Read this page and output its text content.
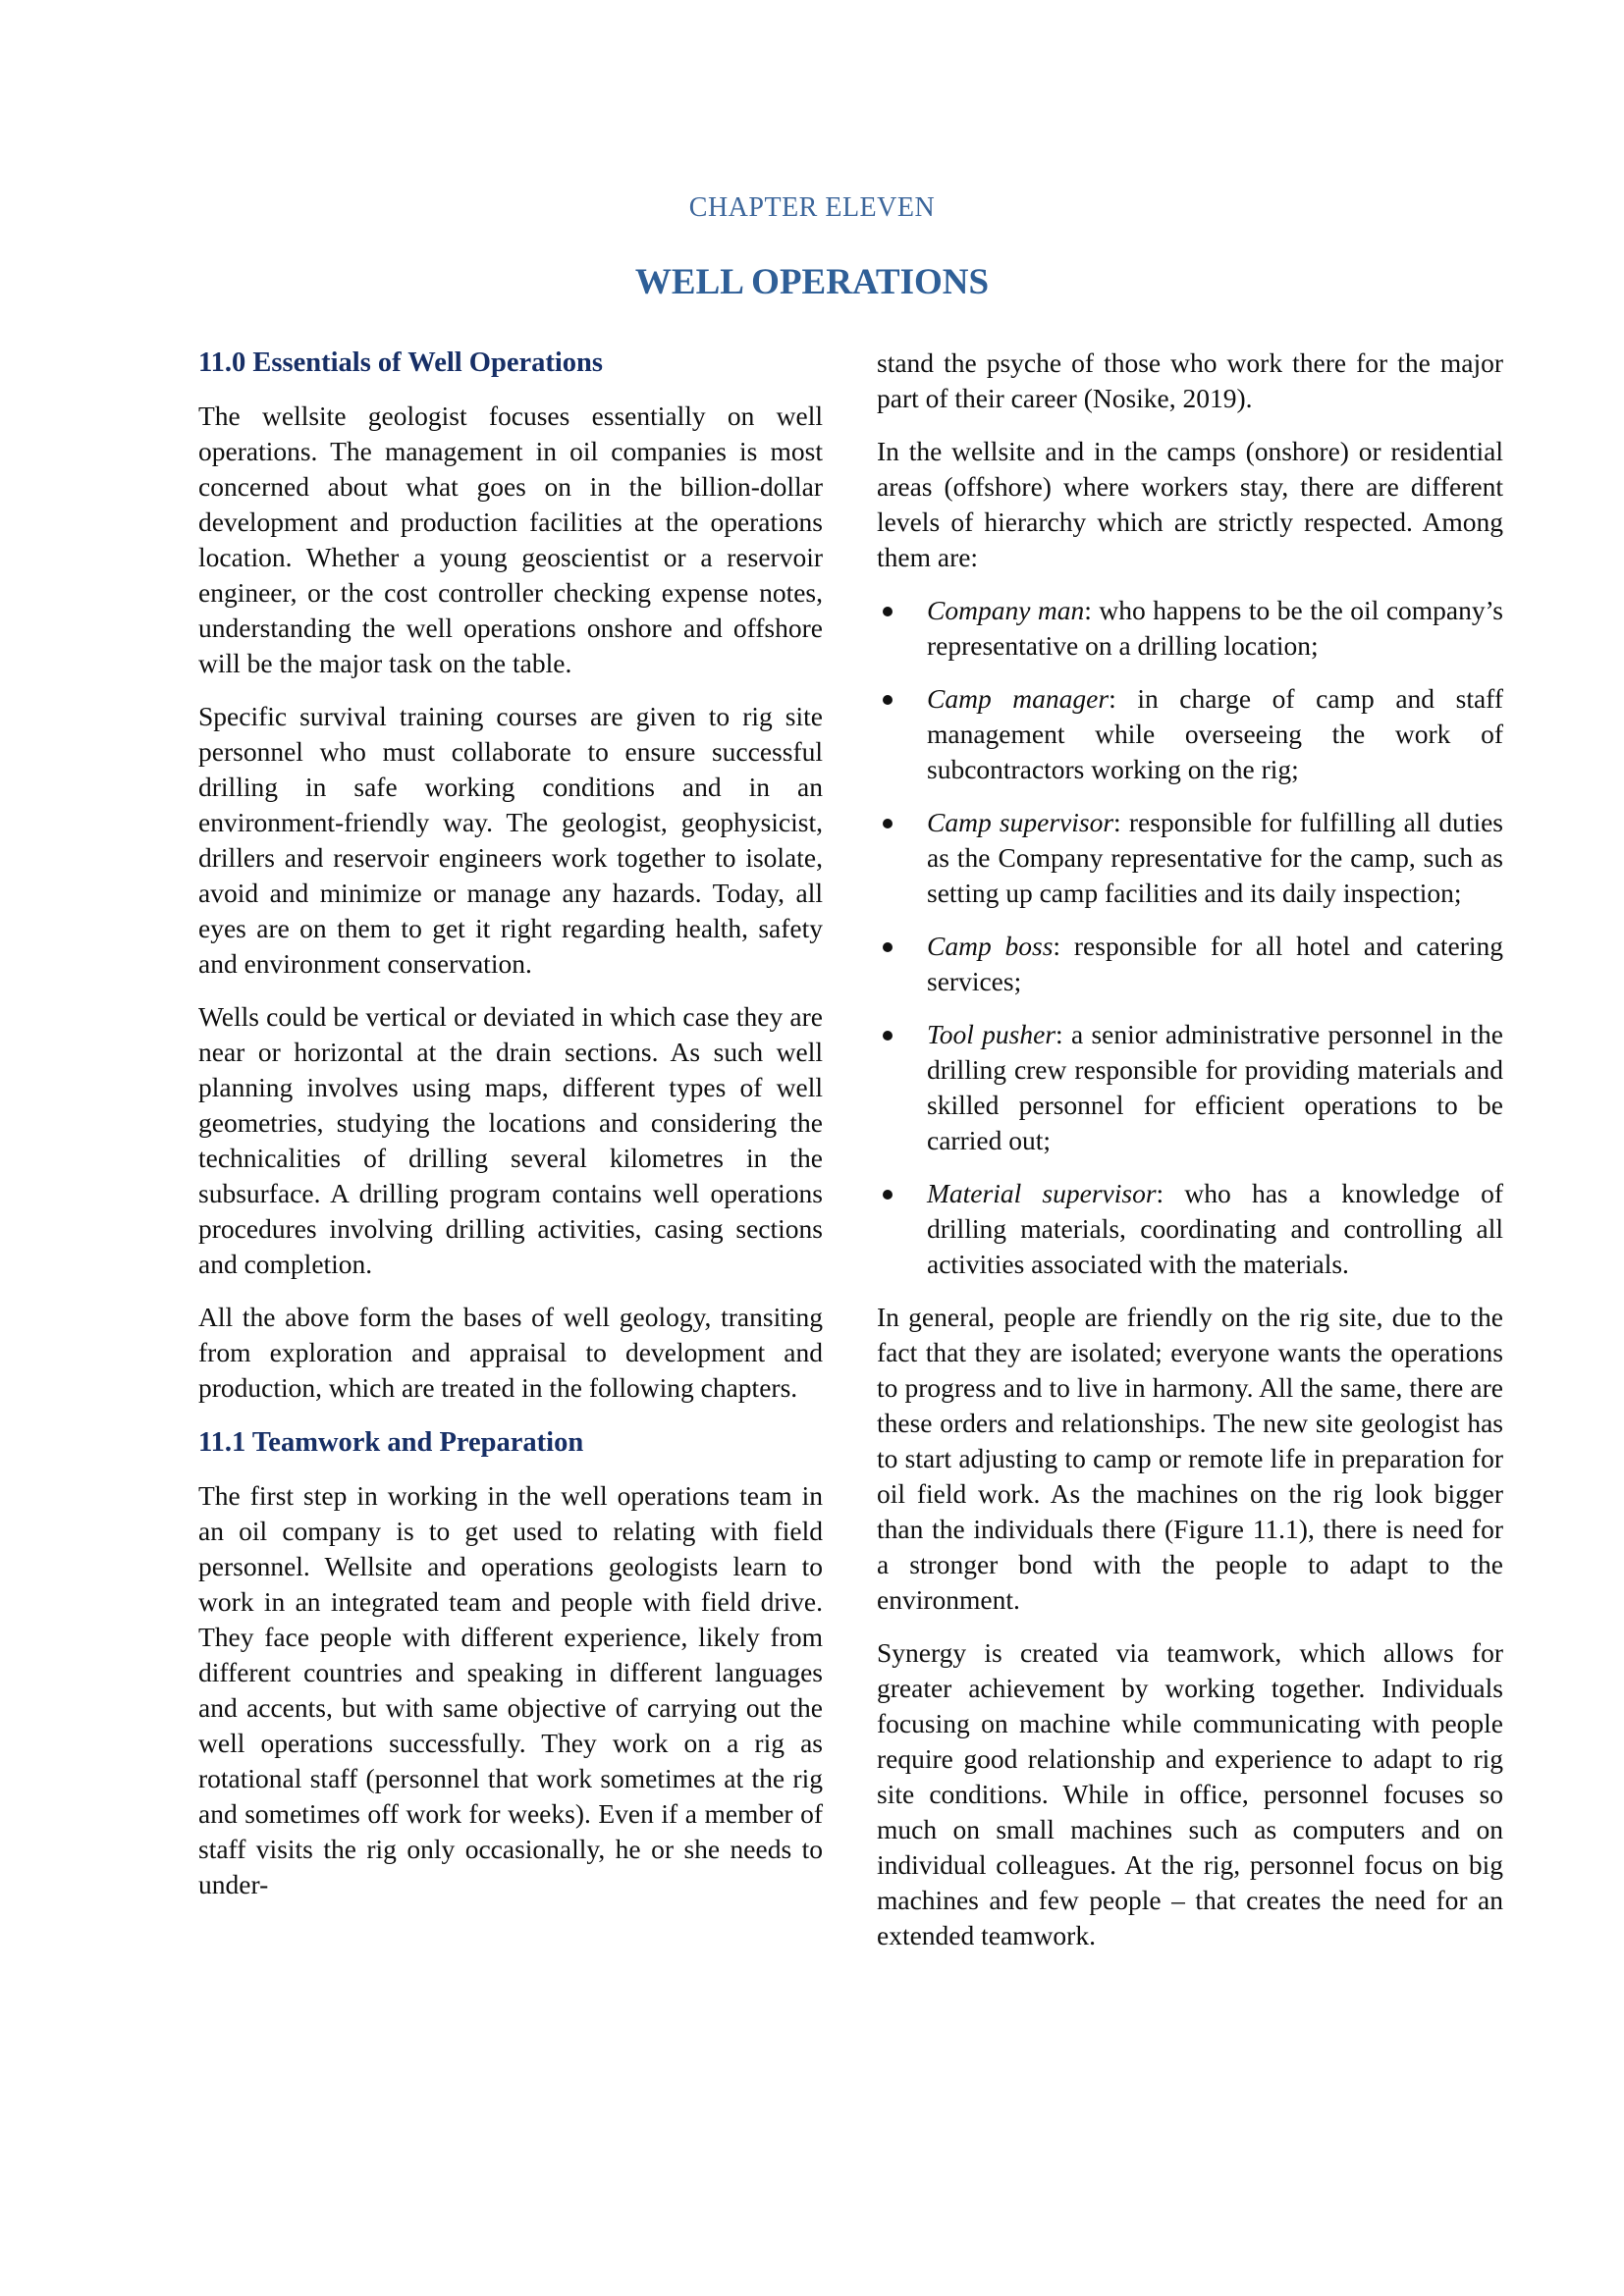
CHAPTER ELEVEN
WELL OPERATIONS
11.0 Essentials of Well Operations

The wellsite geologist focuses essentially on well operations. The management in oil companies is most concerned about what goes on in the billion-dollar development and production facilities at the operations location. Whether a young geoscientist or a reservoir engineer, or the cost controller checking expense notes, understanding the well operations onshore and offshore will be the major task on the table.

Specific survival training courses are given to rig site personnel who must collaborate to ensure successful drilling in safe working conditions and in an environment-friendly way. The geologist, geophysicist, drillers and reservoir engineers work together to isolate, avoid and minimize or manage any hazards. Today, all eyes are on them to get it right regarding health, safety and environment conservation.

Wells could be vertical or deviated in which case they are near or horizontal at the drain sections. As such well planning involves using maps, different types of well geometries, studying the locations and considering the technicalities of drilling several kilometres in the subsurface. A drilling program contains well operations procedures involving drilling activities, casing sections and completion.

All the above form the bases of well geology, transiting from exploration and appraisal to development and production, which are treated in the following chapters.

11.1 Teamwork and Preparation

The first step in working in the well operations team in an oil company is to get used to relating with field personnel. Wellsite and operations geologists learn to work in an integrated team and people with field drive. They face people with different experience, likely from different countries and speaking in different languages and accents, but with same objective of carrying out the well operations successfully. They work on a rig as rotational staff (personnel that work sometimes at the rig and sometimes off work for weeks). Even if a member of staff visits the rig only occasionally, he or she needs to under-

stand the psyche of those who work there for the major part of their career (Nosike, 2019).

In the wellsite and in the camps (onshore) or residential areas (offshore) where workers stay, there are different levels of hierarchy which are strictly respected. Among them are:

Company man: who happens to be the oil company’s representative on a drilling location;
Camp manager: in charge of camp and staff management while overseeing the work of subcontractors working on the rig;
Camp supervisor: responsible for fulfilling all duties as the Company representative for the camp, such as setting up camp facilities and its daily inspection;
Camp boss: responsible for all hotel and catering services;
Tool pusher: a senior administrative personnel in the drilling crew responsible for providing materials and skilled personnel for efficient operations to be carried out;
Material supervisor: who has a knowledge of drilling materials, coordinating and controlling all activities associated with the materials.

In general, people are friendly on the rig site, due to the fact that they are isolated; everyone wants the operations to progress and to live in harmony. All the same, there are these orders and relationships. The new site geologist has to start adjusting to camp or remote life in preparation for oil field work. As the machines on the rig look bigger than the individuals there (Figure 11.1), there is need for a stronger bond with the people to adapt to the environment.

Synergy is created via teamwork, which allows for greater achievement by working together. Individuals focusing on machine while communicating with people require good relationship and experience to adapt to rig site conditions. While in office, personnel focuses so much on small machines such as computers and on individual colleagues. At the rig, personnel focus on big machines and few people – that creates the need for an extended teamwork.
